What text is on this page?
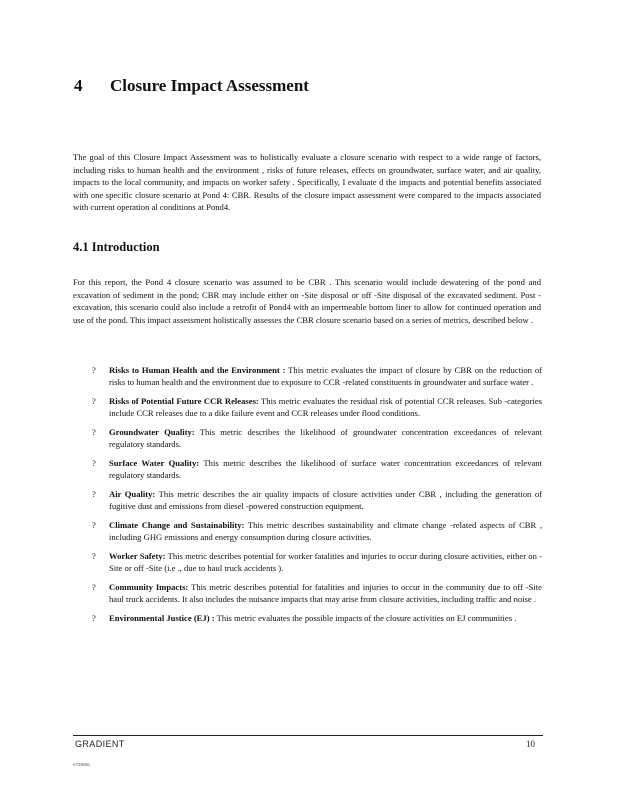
4 Closure Impact Assessment

The goal of this Closure Impact Assessment was to holistically evaluate a closure scenario with respect to a wide range of factors, including risks to human health and the environment , risks of future releases, effects on groundwater, surface water, and air quality, impacts to the local community, and impacts on worker safety . Specifically, I evaluate d the impacts and potential benefits associated with one specific closure scenario at Pond 4: CBR. Results of the closure impact assessment were compared to the impacts associated with current operation al conditions at Pond4.

4.1 Introduction

For this report, the Pond 4 closure scenario was assumed to be CBR . This scenario would include dewatering of the pond and excavation of sediment in the pond; CBR may include either on -Site disposal or off -Site disposal of the excavated sediment. Post -excavation, this scenario could also include a retrofit of Pond4 with an impermeable bottom liner to allow for continued operation and use of the pond. This impact assessment holistically assesses the CBR closure scenario based on a series of metrics, described below .

? Risks to Human Health and the Environment : This metric evaluates the impact of closure by CBR on the reduction of risks to human health and the environment due to exposure to CCR -related constituents in groundwater and surface water .
? Risks of Potential Future CCR Releases: This metric evaluates the residual risk of potential CCR releases. Sub -categories include CCR releases due to a dike failure event and CCR releases under flood conditions.
? Groundwater Quality: This metric describes the likelihood of groundwater concentration exceedances of relevant regulatory standards.
? Surface Water Quality: This metric describes the likelihood of surface water concentration exceedances of relevant regulatory standards.
? Air Quality: This metric describes the air quality impacts of closure activities under CBR , including the generation of fugitive dust and emissions from diesel -powered construction equipment.
? Climate Change and Sustainability: This metric describes sustainability and climate change -related aspects of CBR , including GHG emissions and energy consumption during closure activities.
? Worker Safety: This metric describes potential for worker fatalities and injuries to occur during closure activities, either on -Site or off -Site (i.e ., due to haul truck accidents ).
? Community Impacts: This metric describes potential for fatalities and injuries to occur in the community due to off -Site haul truck accidents. It also includes the nuisance impacts that may arise from closure activities, including traffic and noise .
? Environmental Justice (EJ) : This metric evaluates the possible impacts of the closure activities on EJ communities .
GRADIENT	10
e72806c
